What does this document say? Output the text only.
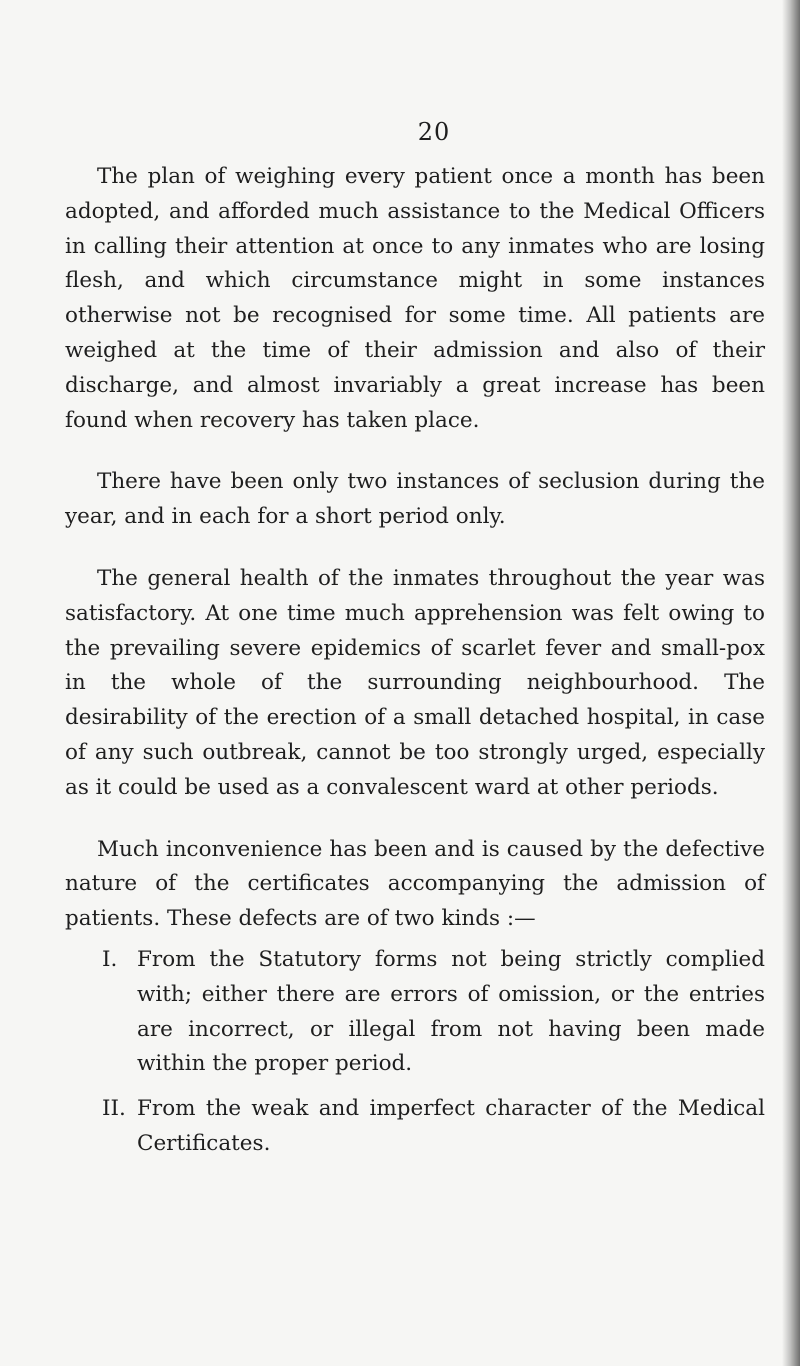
20

The plan of weighing every patient once a month has been adopted, and afforded much assistance to the Medical Officers in calling their attention at once to any inmates who are losing flesh, and which circumstance might in some instances otherwise not be recognised for some time. All patients are weighed at the time of their admission and also of their discharge, and almost invariably a great increase has been found when recovery has taken place.

There have been only two instances of seclusion during the year, and in each for a short period only.

The general health of the inmates throughout the year was satisfactory. At one time much apprehension was felt owing to the prevailing severe epidemics of scarlet fever and small-pox in the whole of the surrounding neighbourhood. The desirability of the erection of a small detached hospital, in case of any such outbreak, cannot be too strongly urged, especially as it could be used as a convalescent ward at other periods.

Much inconvenience has been and is caused by the defective nature of the certificates accompanying the admission of patients. These defects are of two kinds :—

I. From the Statutory forms not being strictly complied with; either there are errors of omission, or the entries are incorrect, or illegal from not having been made within the proper period.

II. From the weak and imperfect character of the Medical Certificates.
